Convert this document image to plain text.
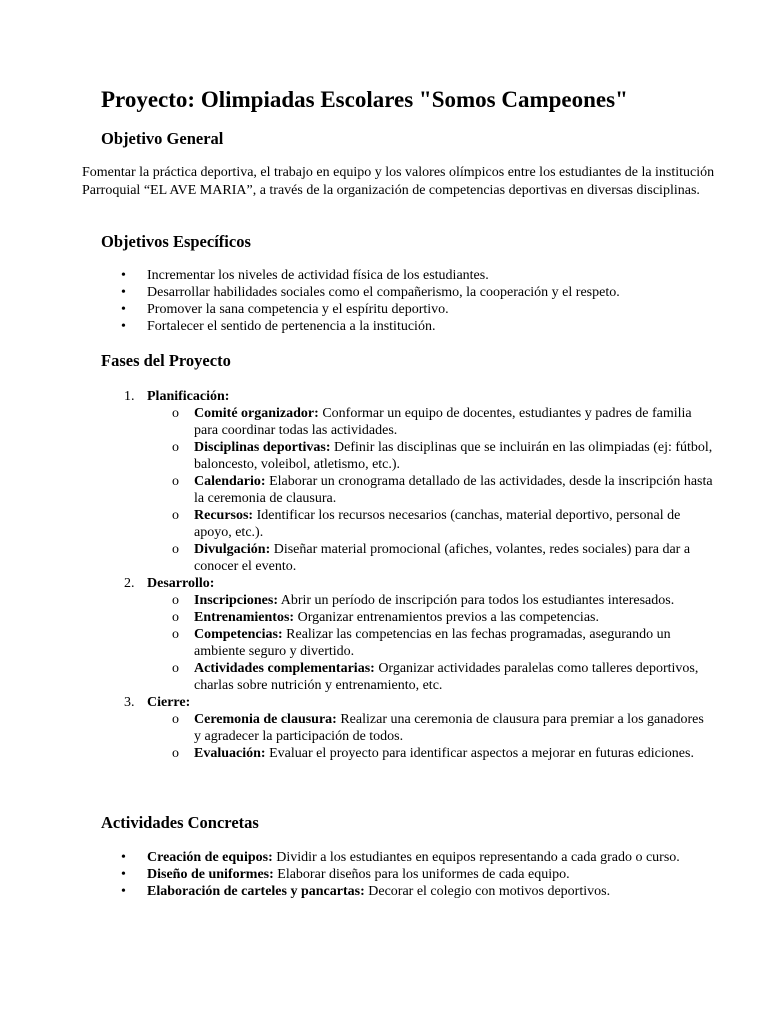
Proyecto: Olimpiadas Escolares "Somos Campeones"
Objetivo General

Fomentar la práctica deportiva, el trabajo en equipo y los valores olímpicos entre los estudiantes de la institución Parroquial “EL AVE MARIA”, a través de la organización de competencias deportivas en diversas disciplinas.

Objetivos Específicos
• Incrementar los niveles de actividad física de los estudiantes.
• Desarrollar habilidades sociales como el compañerismo, la cooperación y el respeto.
• Promover la sana competencia y el espíritu deportivo.
• Fortalecer el sentido de pertenencia a la institución.
Fases del Proyecto
1. Planificación:
o Comité organizador: Conformar un equipo de docentes, estudiantes y padres de familia para coordinar todas las actividades.
o Disciplinas deportivas: Definir las disciplinas que se incluirán en las olimpiadas (ej: fútbol, baloncesto, voleibol, atletismo, etc.).
o Calendario: Elaborar un cronograma detallado de las actividades, desde la inscripción hasta la ceremonia de clausura.
o Recursos: Identificar los recursos necesarios (canchas, material deportivo, personal de apoyo, etc.).
o Divulgación: Diseñar material promocional (afiches, volantes, redes sociales) para dar a conocer el evento.
2. Desarrollo:
o Inscripciones: Abrir un período de inscripción para todos los estudiantes interesados.
o Entrenamientos: Organizar entrenamientos previos a las competencias.
o Competencias: Realizar las competencias en las fechas programadas, asegurando un ambiente seguro y divertido.
o Actividades complementarias: Organizar actividades paralelas como talleres deportivos, charlas sobre nutrición y entrenamiento, etc.
3. Cierre:
o Ceremonia de clausura: Realizar una ceremonia de clausura para premiar a los ganadores y agradecer la participación de todos.
o Evaluación: Evaluar el proyecto para identificar aspectos a mejorar en futuras ediciones.
Actividades Concretas
• Creación de equipos: Dividir a los estudiantes en equipos representando a cada grado o curso.
• Diseño de uniformes: Elaborar diseños para los uniformes de cada equipo.
• Elaboración de carteles y pancartas: Decorar el colegio con motivos deportivos.
